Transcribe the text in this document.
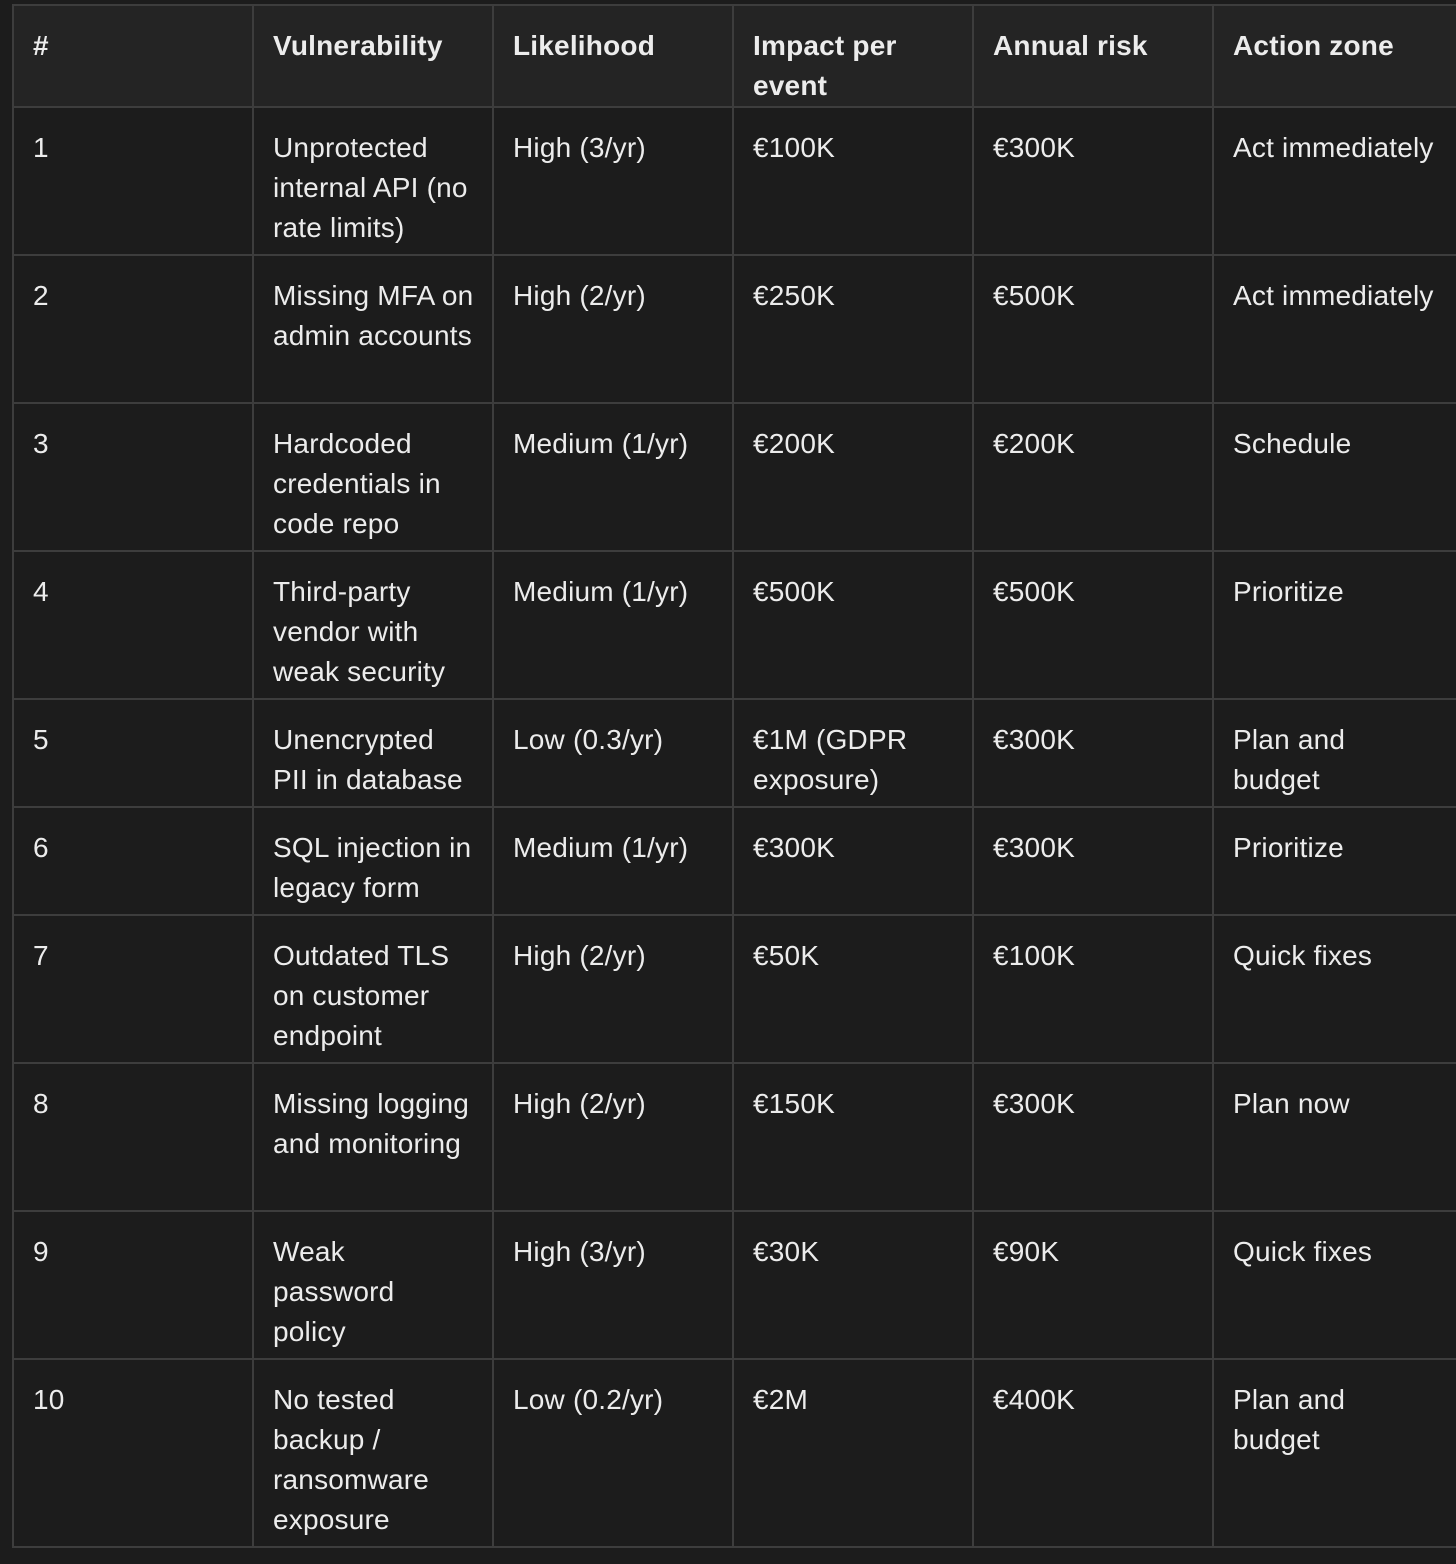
#	Vulnerability	Likelihood	Impact per event	Annual risk	Action zone
1	Unprotected internal API (no rate limits)	High (3/yr)	€100K	€300K	Act immediately
2	Missing MFA on admin accounts	High (2/yr)	€250K	€500K	Act immediately
3	Hardcoded credentials in code repo	Medium (1/yr)	€200K	€200K	Schedule
4	Third-party vendor with weak security	Medium (1/yr)	€500K	€500K	Prioritize
5	Unencrypted PII in database	Low (0.3/yr)	€1M (GDPR exposure)	€300K	Plan and budget
6	SQL injection in legacy form	Medium (1/yr)	€300K	€300K	Prioritize
7	Outdated TLS on customer endpoint	High (2/yr)	€50K	€100K	Quick fixes
8	Missing logging and monitoring	High (2/yr)	€150K	€300K	Plan now
9	Weak password policy	High (3/yr)	€30K	€90K	Quick fixes
10	No tested backup / ransomware exposure	Low (0.2/yr)	€2M	€400K	Plan and budget
